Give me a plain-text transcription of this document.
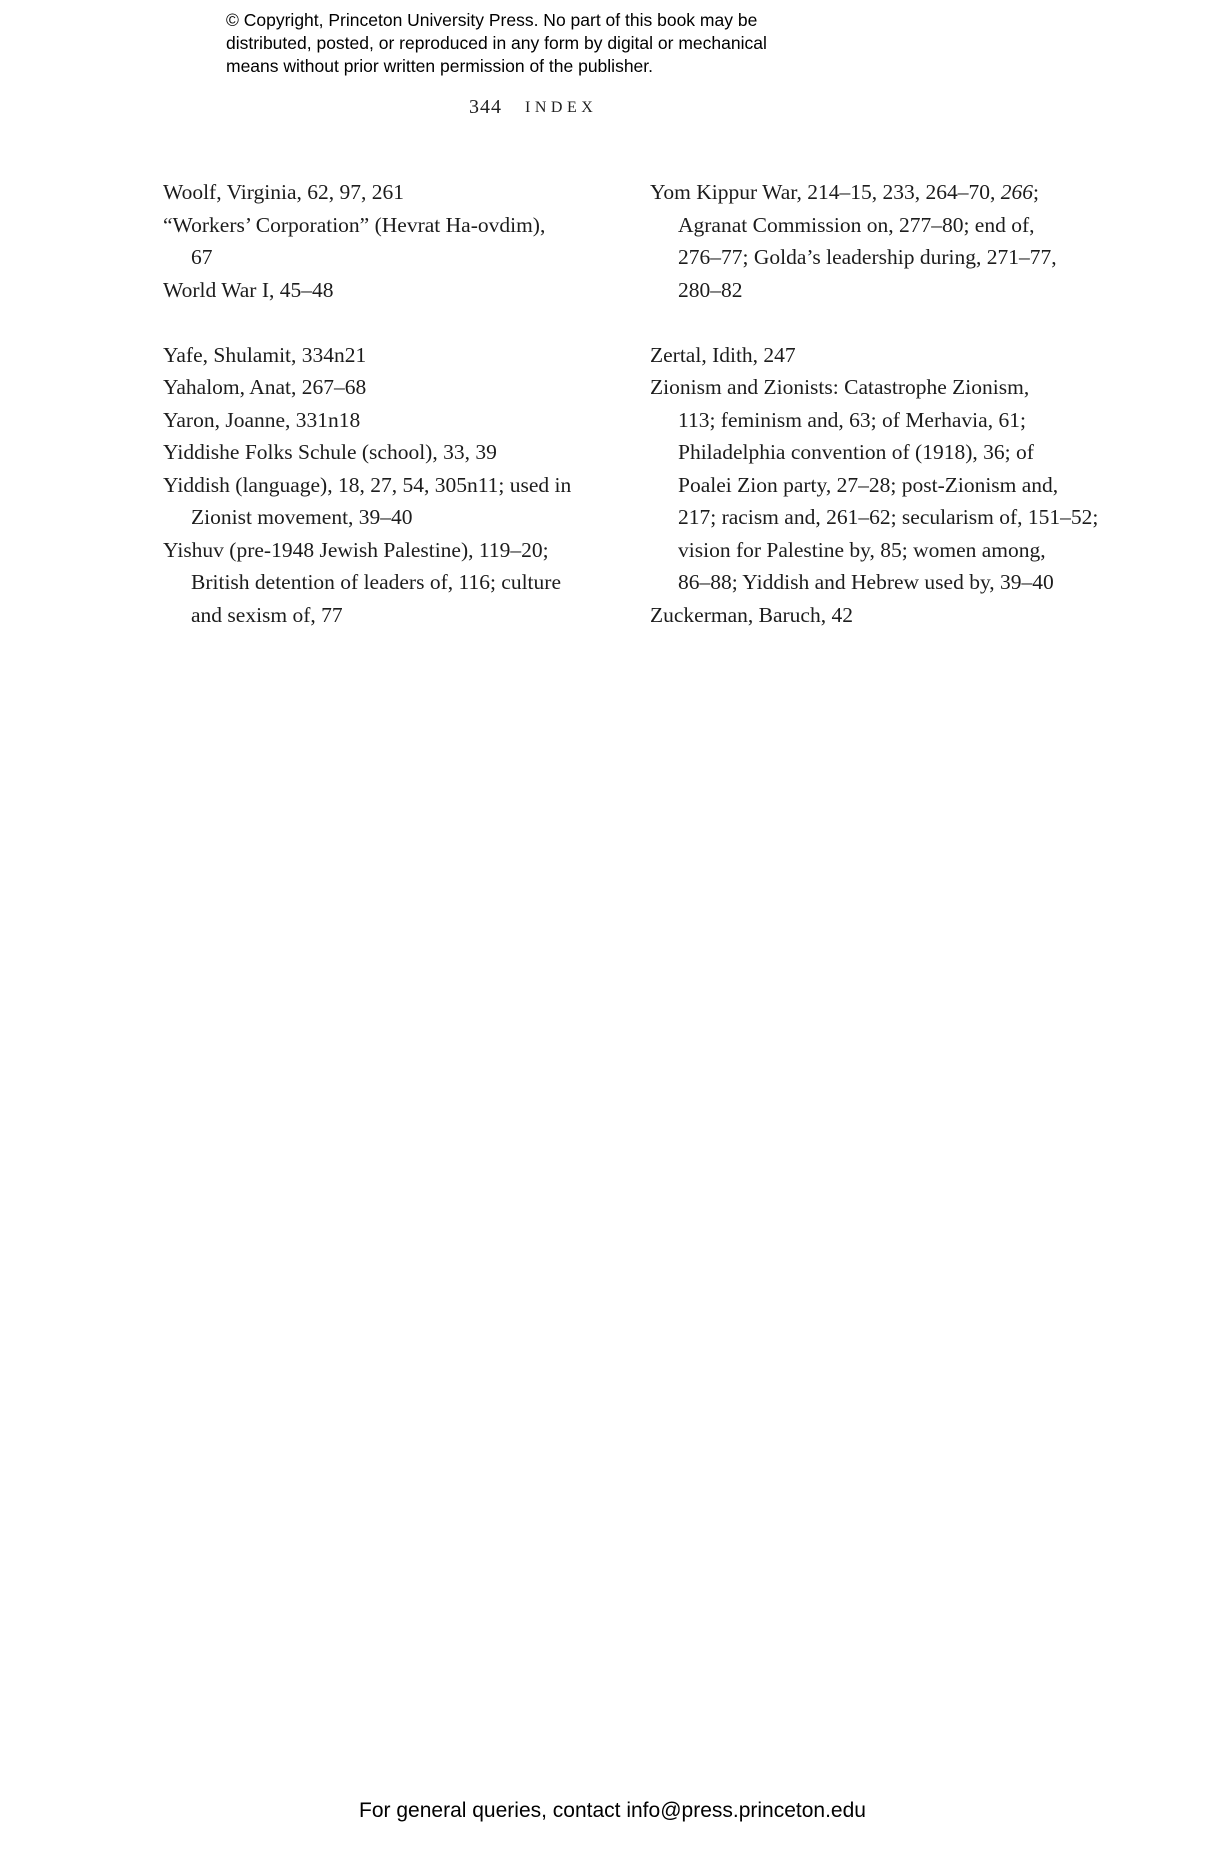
© Copyright, Princeton University Press. No part of this book may be
distributed, posted, or reproduced in any form by digital or mechanical
means without prior written permission of the publisher.
344 INDEX
Woolf, Virginia, 62, 97, 261
“Workers’ Corporation” (Hevrat Ha-ovdim),
67
World War I, 45–48

Yafe, Shulamit, 334n21
Yahalom, Anat, 267–68
Yaron, Joanne, 331n18
Yiddishe Folks Schule (school), 33, 39
Yiddish (language), 18, 27, 54, 305n11; used in
Zionist movement, 39–40
Yishuv (pre-1948 Jewish Palestine), 119–20;
British detention of leaders of, 116; culture
and sexism of, 77
Yom Kippur War, 214–15, 233, 264–70, 266;
Agranat Commission on, 277–80; end of,
276–77; Golda’s leadership during, 271–77,
280–82

Zertal, Idith, 247
Zionism and Zionists: Catastrophe Zionism,
113; feminism and, 63; of Merhavia, 61;
Philadelphia convention of (1918), 36; of
Poalei Zion party, 27–28; post-Zionism and,
217; racism and, 261–62; secularism of, 151–52;
vision for Palestine by, 85; women among,
86–88; Yiddish and Hebrew used by, 39–40
Zuckerman, Baruch, 42
For general queries, contact info@press.princeton.edu
